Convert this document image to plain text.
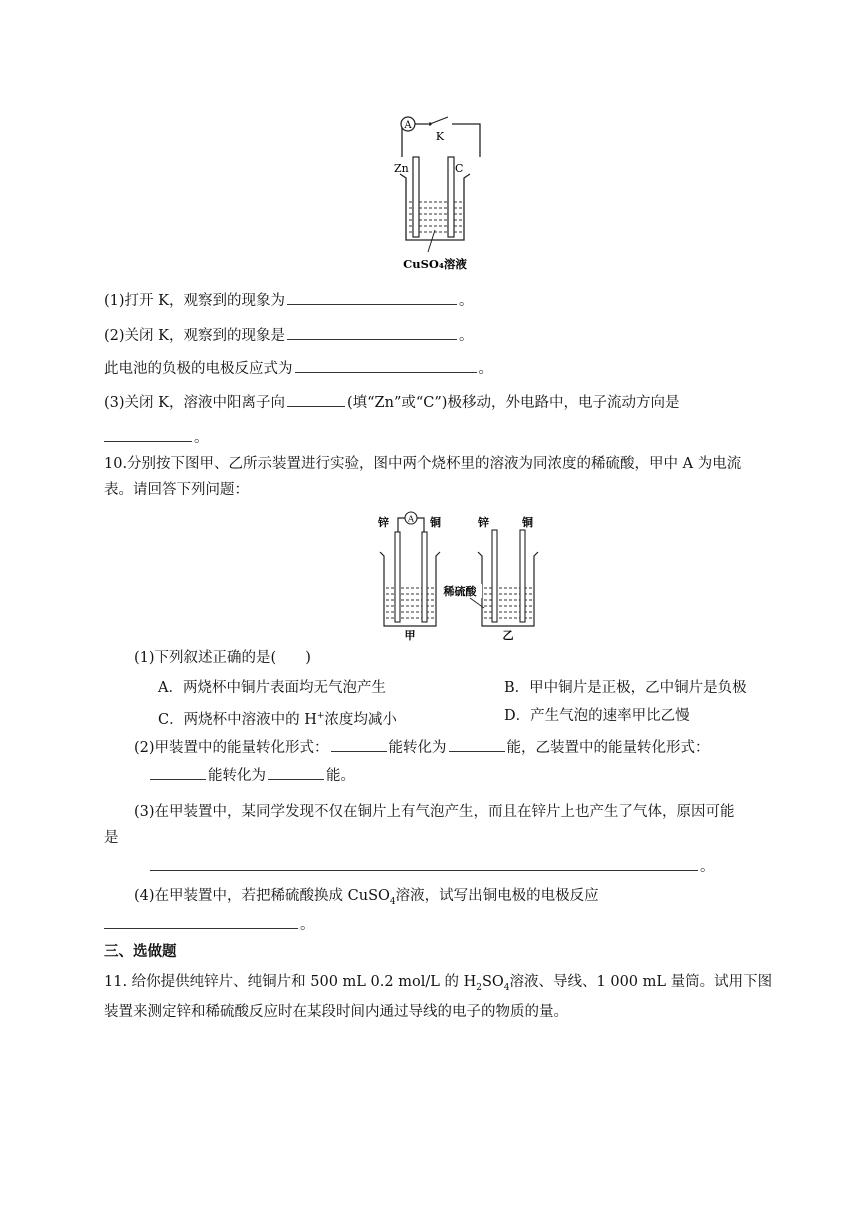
A
K
Zn	C
CuSO₄溶液
(1)打开 K，观察到的现象为	。
(2)关闭 K，观察到的现象是	。
此电池的负极的电极反应式为	。
(3)关闭 K，溶液中阳离子向	(填“Zn”或“C”)极移动，外电路中，电子流动方向是
。
10.分别按下图甲、乙所示装置进行实验，图中两个烧杯里的溶液为同浓度的稀硫酸，甲中 A 为电流
表。请回答下列问题：
锌	铜
A
甲
锌	铜
乙
稀硫酸
(1)下列叙述正确的是(　　)
A．两烧杯中铜片表面均无气泡产生	B．甲中铜片是正极，乙中铜片是负极
C．两烧杯中溶液中的 H+浓度均减小	D．产生气泡的速率甲比乙慢
(2)甲装置中的能量转化形式：	能转化为	能，乙装置中的能量转化形式：
能转化为	能。
(3)在甲装置中，某同学发现不仅在铜片上有气泡产生，而且在锌片上也产生了气体，原因可能
是
。
(4)在甲装置中，若把稀硫酸换成 CuSO$_4$溶液，试写出铜电极的电极反应
。
三、选做题
11. 给你提供纯锌片、纯铜片和 500 mL 0.2 mol/L 的 $H_2SO_4$溶液、导线、1 000 mL 量筒。试用下图
装置来测定锌和稀硫酸反应时在某段时间内通过导线的电子的物质的量。
